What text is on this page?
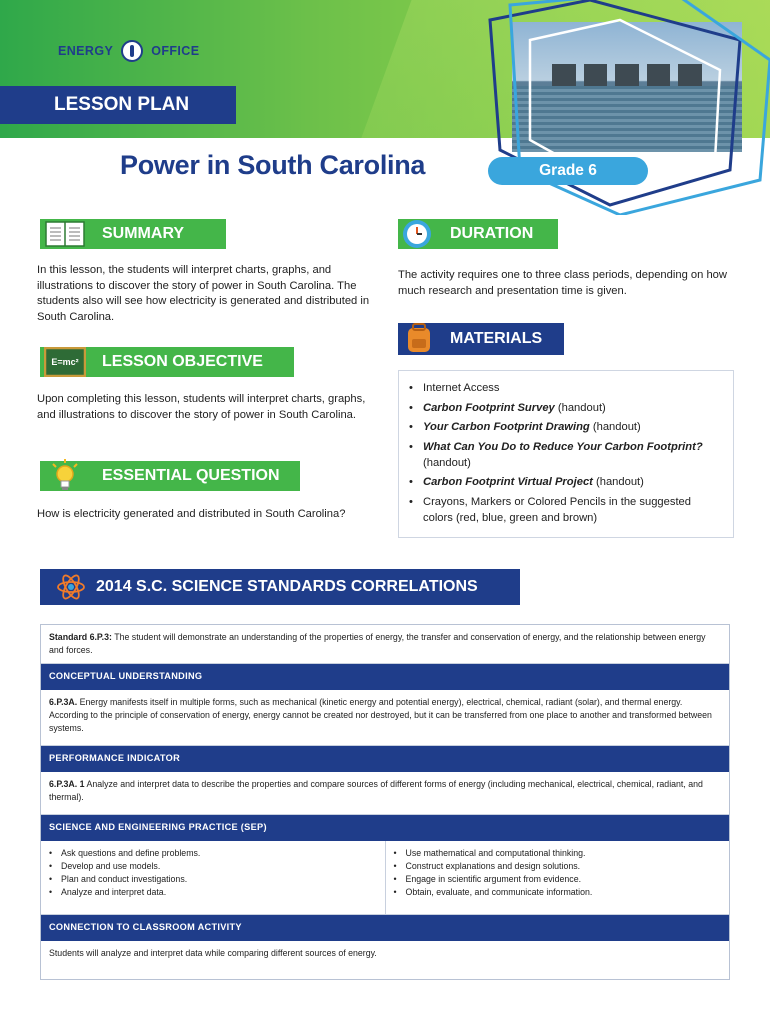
ENERGY	OFFICE
LESSON PLAN
Power in South Carolina	Grade 6
SUMMARY
In this lesson, the students will interpret charts, graphs, and illustrations to discover the story of power in South Carolina. The students also will see how electricity is generated and distributed in South Carolina.
E=mc²	LESSON OBJECTIVE
Upon completing this lesson, students will interpret charts, graphs, and illustrations to discover the story of power in South Carolina.
ESSENTIAL QUESTION
How is electricity generated and distributed in South Carolina?
DURATION
The activity requires one to three class periods, depending on how much research and presentation time is given.
MATERIALS
• Internet Access
• Carbon Footprint Survey (handout)
• Your Carbon Footprint Drawing (handout)
• What Can You Do to Reduce Your Carbon Footprint? (handout)
• Carbon Footprint Virtual Project (handout)
• Crayons, Markers or Colored Pencils in the suggested colors (red, blue, green and brown)
2014 S.C. SCIENCE STANDARDS CORRELATIONS
Standard 6.P.3: The student will demonstrate an understanding of the properties of energy, the transfer and conservation of energy, and the relationship between energy and forces.
CONCEPTUAL UNDERSTANDING
6.P.3A. Energy manifests itself in multiple forms, such as mechanical (kinetic energy and potential energy), electrical, chemical, radiant (solar), and thermal energy. According to the principle of conservation of energy, energy cannot be created nor destroyed, but it can be transferred from one place to another and transformed between systems.
PERFORMANCE INDICATOR
6.P.3A. 1 Analyze and interpret data to describe the properties and compare sources of different forms of energy (including mechanical, electrical, chemical, radiant, and thermal).
SCIENCE AND ENGINEERING PRACTICE (SEP)
• Ask questions and define problems.
• Develop and use models.
• Plan and conduct investigations.
• Analyze and interpret data.
• Use mathematical and computational thinking.
• Construct explanations and design solutions.
• Engage in scientific argument from evidence.
• Obtain, evaluate, and communicate information.
CONNECTION TO CLASSROOM ACTIVITY
Students will analyze and interpret data while comparing different sources of energy.
